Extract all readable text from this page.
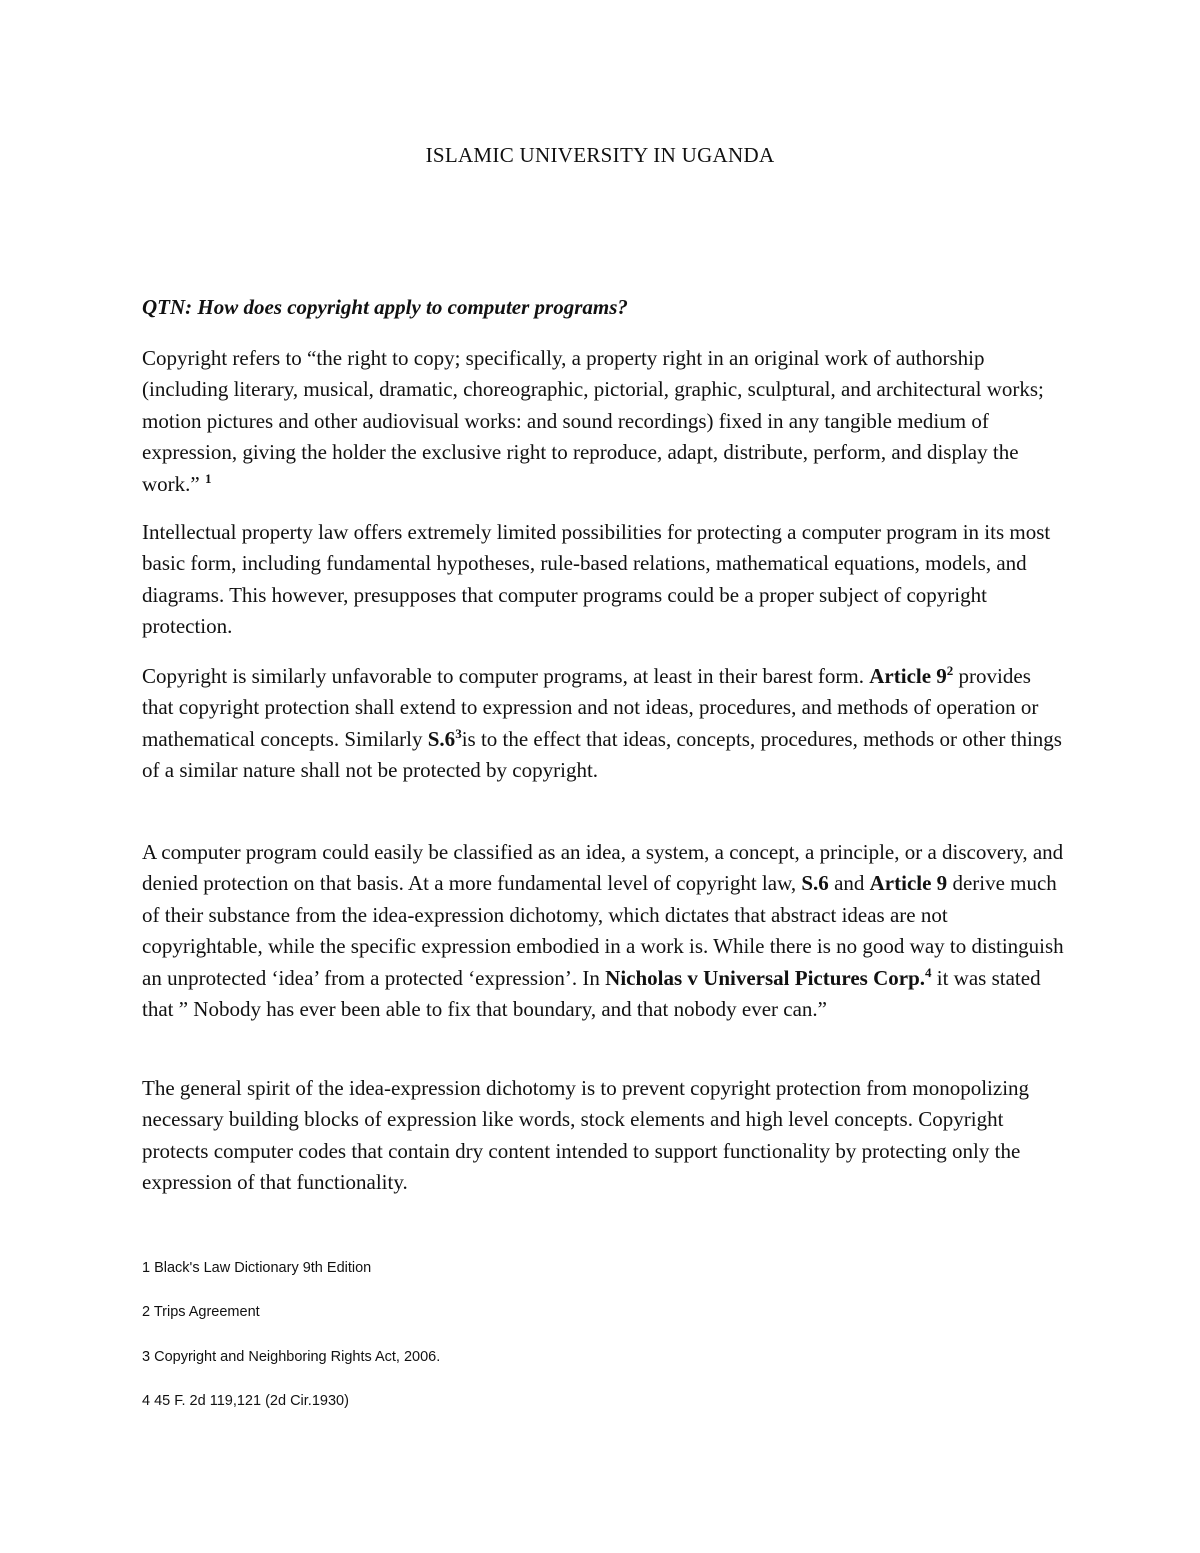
ISLAMIC UNIVERSITY IN UGANDA

QTN: How does copyright apply to computer programs?

Copyright refers to “the right to copy; specifically, a property right in an original work of authorship (including literary, musical, dramatic, choreographic, pictorial, graphic, sculptural, and architectural works; motion pictures and other audiovisual works: and sound recordings) fixed in any tangible medium of expression, giving the holder the exclusive right to reproduce, adapt, distribute, perform, and display the work.” $^1$

Intellectual property law offers extremely limited possibilities for protecting a computer program in its most basic form, including fundamental hypotheses, rule-based relations, mathematical equations, models, and diagrams. This however, presupposes that computer programs could be a proper subject of copyright protection.

Copyright is similarly unfavorable to computer programs, at least in their barest form. Article $9^2$ provides that copyright protection shall extend to expression and not ideas, procedures, and methods of operation or mathematical concepts. Similarly $S.6^3is$ to the effect that ideas, concepts, procedures, methods or other things of a similar nature shall not be protected by copyright.

A computer program could easily be classified as an idea, a system, a concept, a principle, or a discovery, and denied protection on that basis. At a more fundamental level of copyright law, S.6 and Article 9 derive much of their substance from the idea-expression dichotomy, which dictates that abstract ideas are not copyrightable, while the specific expression embodied in a work is. While there is no good way to distinguish an unprotected ‘idea’ from a protected ‘expression’. In Nicholas v Universal Pictures Corp.$^4$ it was stated that ” Nobody has ever been able to fix that boundary, and that nobody ever can.”

The general spirit of the idea-expression dichotomy is to prevent copyright protection from monopolizing necessary building blocks of expression like words, stock elements and high level concepts. Copyright protects computer codes that contain dry content intended to support functionality by protecting only the expression of that functionality.

1 Black's Law Dictionary 9th Edition

2 Trips Agreement

3 Copyright and Neighboring Rights Act, 2006.

4 45 F. 2d 119,121 (2d Cir.1930)
